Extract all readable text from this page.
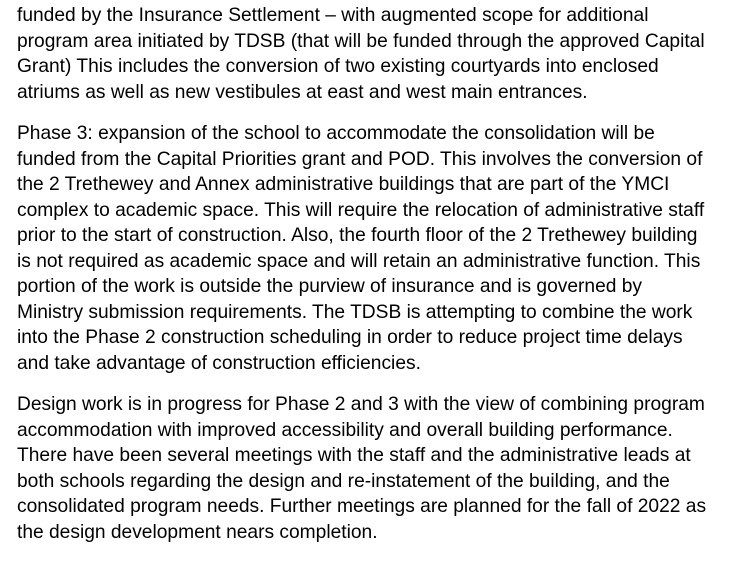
funded by the Insurance Settlement – with augmented scope for additional
program area initiated by TDSB (that will be funded through the approved Capital
Grant) This includes the conversion of two existing courtyards into enclosed
atriums as well as new vestibules at east and west main entrances.

Phase 3: expansion of the school to accommodate the consolidation will be
funded from the Capital Priorities grant and POD. This involves the conversion of
the 2 Trethewey and Annex administrative buildings that are part of the YMCI
complex to academic space. This will require the relocation of administrative staff
prior to the start of construction. Also, the fourth floor of the 2 Trethewey building
is not required as academic space and will retain an administrative function. This
portion of the work is outside the purview of insurance and is governed by
Ministry submission requirements. The TDSB is attempting to combine the work
into the Phase 2 construction scheduling in order to reduce project time delays
and take advantage of construction efficiencies.

Design work is in progress for Phase 2 and 3 with the view of combining program
accommodation with improved accessibility and overall building performance.
There have been several meetings with the staff and the administrative leads at
both schools regarding the design and re-instatement of the building, and the
consolidated program needs. Further meetings are planned for the fall of 2022 as
the design development nears completion.
